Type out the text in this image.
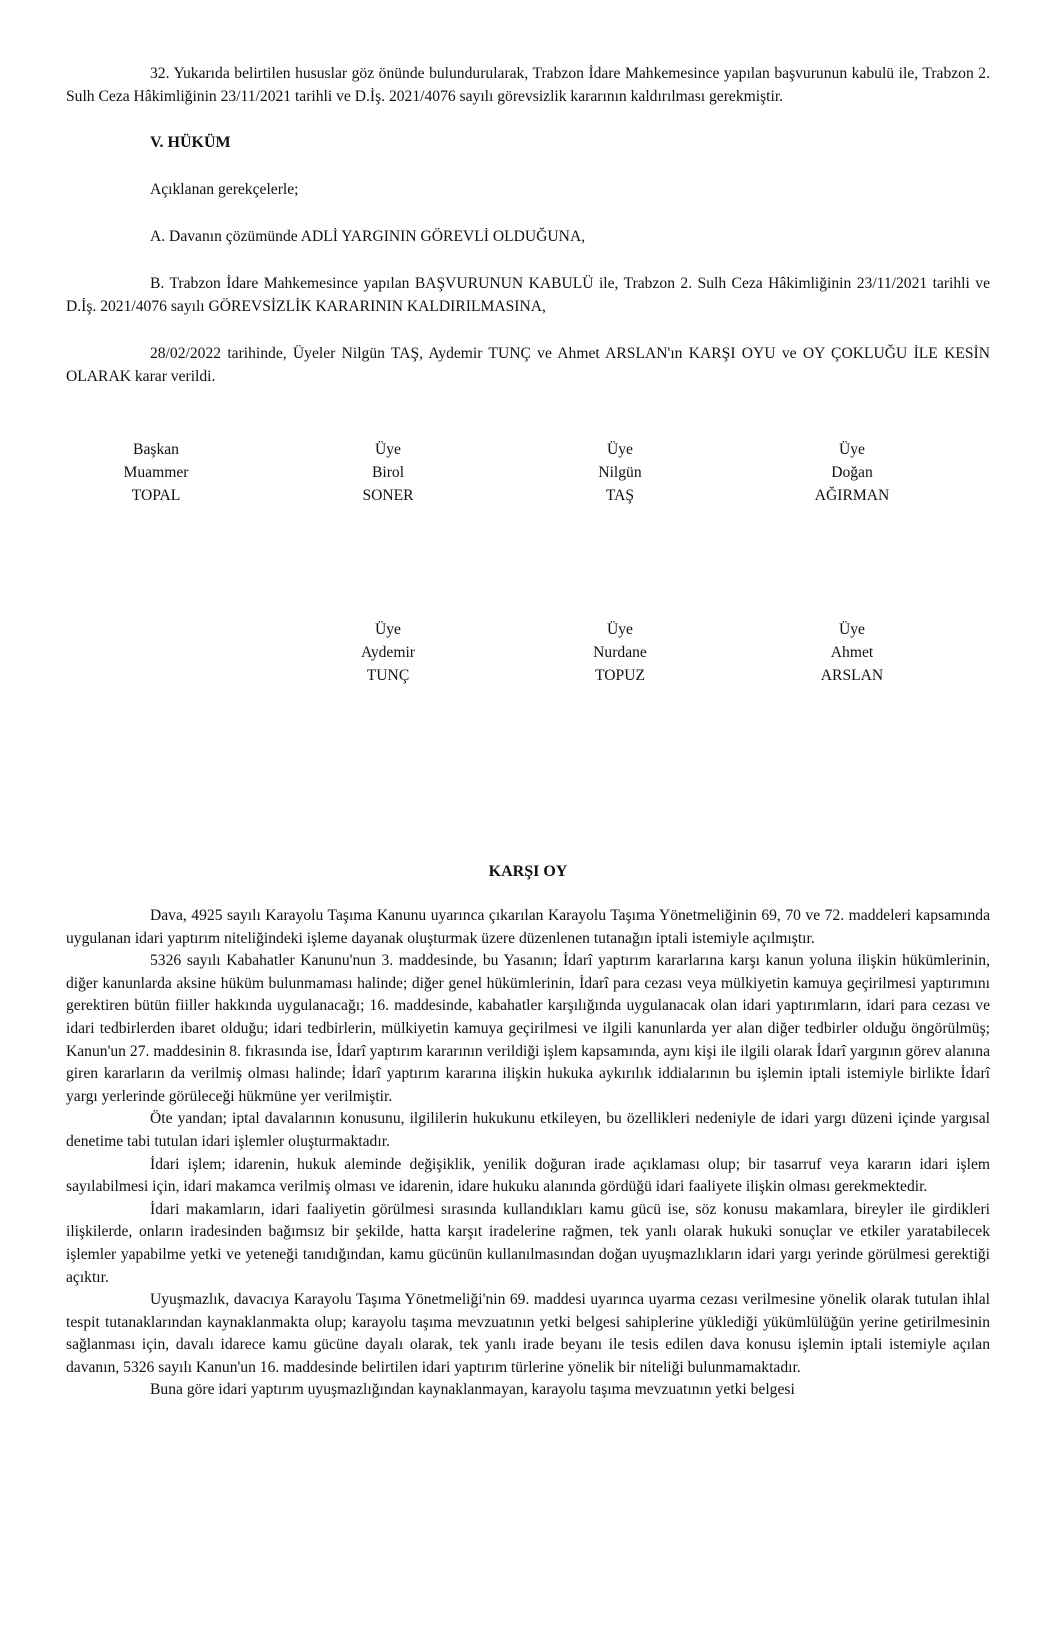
32. Yukarıda belirtilen hususlar göz önünde bulundurularak, Trabzon İdare Mahkemesince yapılan başvurunun kabulü ile, Trabzon 2. Sulh Ceza Hâkimliğinin 23/11/2021 tarihli ve D.İş. 2021/4076 sayılı görevsizlik kararının kaldırılması gerekmiştir.

V. HÜKÜM

Açıklanan gerekçelerle;

A. Davanın çözümünde ADLİ YARGININ GÖREVLİ OLDUĞUNA,

B. Trabzon İdare Mahkemesince yapılan BAŞVURUNUN KABULÜ ile, Trabzon 2. Sulh Ceza Hâkimliğinin 23/11/2021 tarihli ve D.İş. 2021/4076 sayılı GÖREVSİZLİK KARARININ KALDIRILMASINA,

28/02/2022 tarihinde, Üyeler Nilgün TAŞ, Aydemir TUNÇ ve Ahmet ARSLAN'ın KARŞI OYU ve OY ÇOKLUĞU İLE KESİN OLARAK karar verildi.

Başkan
Muammer
TOPAL
Üye
Birol
SONER
Üye
Nilgün
TAŞ
Üye
Doğan
AĞIRMAN
Üye
Aydemir
TUNÇ
Üye
Nurdane
TOPUZ
Üye
Ahmet
ARSLAN
KARŞI OY

Dava, 4925 sayılı Karayolu Taşıma Kanunu uyarınca çıkarılan Karayolu Taşıma Yönetmeliğinin 69, 70 ve 72. maddeleri kapsamında uygulanan idari yaptırım niteliğindeki işleme dayanak oluşturmak üzere düzenlenen tutanağın iptali istemiyle açılmıştır.

5326 sayılı Kabahatler Kanunu'nun 3. maddesinde, bu Yasanın; İdarî yaptırım kararlarına karşı kanun yoluna ilişkin hükümlerinin, diğer kanunlarda aksine hüküm bulunmaması halinde; diğer genel hükümlerinin, İdarî para cezası veya mülkiyetin kamuya geçirilmesi yaptırımını gerektiren bütün fiiller hakkında uygulanacağı; 16. maddesinde, kabahatler karşılığında uygulanacak olan idari yaptırımların, idari para cezası ve idari tedbirlerden ibaret olduğu; idari tedbirlerin, mülkiyetin kamuya geçirilmesi ve ilgili kanunlarda yer alan diğer tedbirler olduğu öngörülmüş; Kanun'un 27. maddesinin 8. fıkrasında ise, İdarî yaptırım kararının verildiği işlem kapsamında, aynı kişi ile ilgili olarak İdarî yargının görev alanına giren kararların da verilmiş olması halinde; İdarî yaptırım kararına ilişkin hukuka aykırılık iddialarının bu işlemin iptali istemiyle birlikte İdarî yargı yerlerinde görüleceği hükmüne yer verilmiştir.

Öte yandan; iptal davalarının konusunu, ilgililerin hukukunu etkileyen, bu özellikleri nedeniyle de idari yargı düzeni içinde yargısal denetime tabi tutulan idari işlemler oluşturmaktadır.

İdari işlem; idarenin, hukuk aleminde değişiklik, yenilik doğuran irade açıklaması olup; bir tasarruf veya kararın idari işlem sayılabilmesi için, idari makamca verilmiş olması ve idarenin, idare hukuku alanında gördüğü idari faaliyete ilişkin olması gerekmektedir.

İdari makamların, idari faaliyetin görülmesi sırasında kullandıkları kamu gücü ise, söz konusu makamlara, bireyler ile girdikleri ilişkilerde, onların iradesinden bağımsız bir şekilde, hatta karşıt iradelerine rağmen, tek yanlı olarak hukuki sonuçlar ve etkiler yaratabilecek işlemler yapabilme yetki ve yeteneği tanıdığından, kamu gücünün kullanılmasından doğan uyuşmazlıkların idari yargı yerinde görülmesi gerektiği açıktır.

Uyuşmazlık, davacıya Karayolu Taşıma Yönetmeliği'nin 69. maddesi uyarınca uyarma cezası verilmesine yönelik olarak tutulan ihlal tespit tutanaklarından kaynaklanmakta olup; karayolu taşıma mevzuatının yetki belgesi sahiplerine yüklediği yükümlülüğün yerine getirilmesinin sağlanması için, davalı idarece kamu gücüne dayalı olarak, tek yanlı irade beyanı ile tesis edilen dava konusu işlemin iptali istemiyle açılan davanın, 5326 sayılı Kanun'un 16. maddesinde belirtilen idari yaptırım türlerine yönelik bir niteliği bulunmamaktadır.

Buna göre idari yaptırım uyuşmazlığından kaynaklanmayan, karayolu taşıma mevzuatının yetki belgesi
